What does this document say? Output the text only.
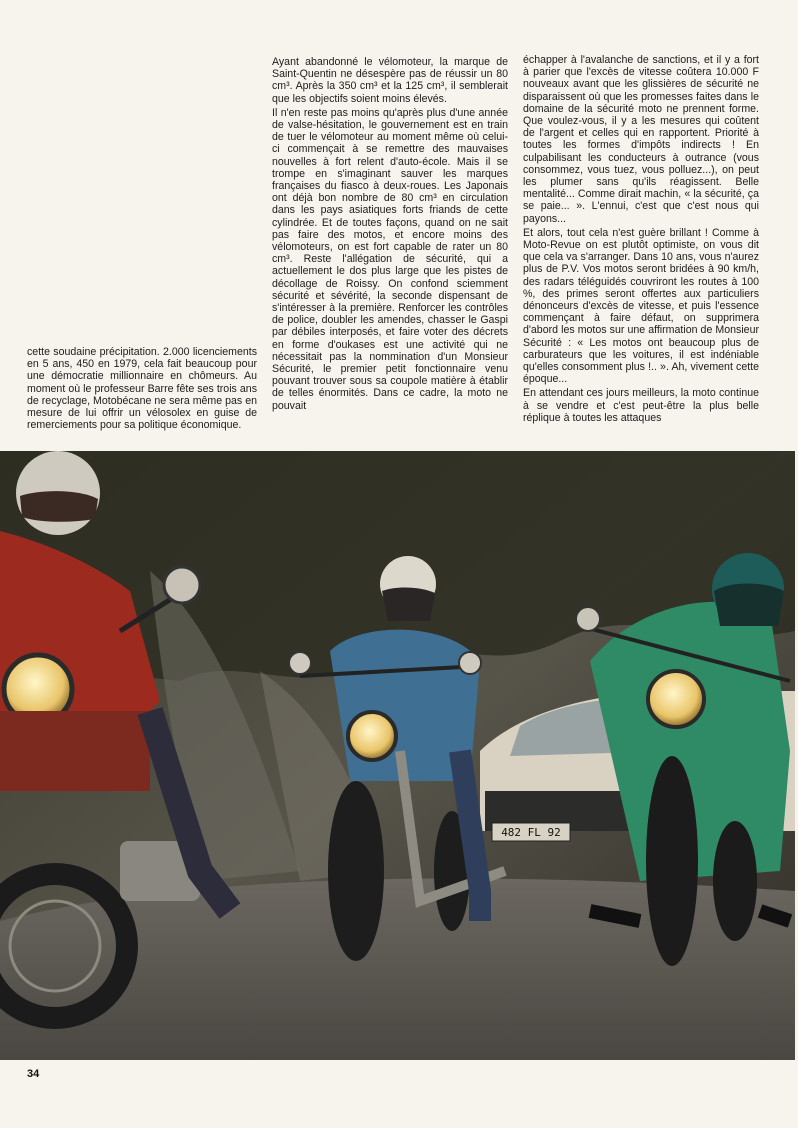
cette soudaine précipitation. 2.000 licenciements en 5 ans, 450 en 1979, cela fait beaucoup pour une démocratie millionnaire en chômeurs. Au moment où le professeur Barre fête ses trois ans de recyclage, Motobécane ne sera même pas en mesure de lui offrir un vélosolex en guise de remerciements pour sa politique économique.

Ayant abandonné le vélomoteur, la marque de Saint-Quentin ne désespère pas de réussir un 80 cm³. Après la 350 cm³ et la 125 cm³, il semblerait que les objectifs soient moins élevés.

Il n'en reste pas moins qu'après plus d'une année de valse-hésitation, le gouvernement est en train de tuer le vélomoteur au moment même où celui-ci commençait à se remettre des mauvaises nouvelles à fort relent d'auto-école. Mais il se trompe en s'imaginant sauver les marques françaises du fiasco à deux-roues. Les Japonais ont déjà bon nombre de 80 cm³ en circulation dans les pays asiatiques forts friands de cette cylindrée. Et de toutes façons, quand on ne sait pas faire des motos, et encore moins des vélomoteurs, on est fort capable de rater un 80 cm³. Reste l'allégation de sécurité, qui a actuellement le dos plus large que les pistes de décollage de Roissy. On confond sciemment sécurité et sévérité, la seconde dispensant de s'intéresser à la première. Renforcer les contrôles de police, doubler les amendes, chasser le Gaspi par débiles interposés, et faire voter des décrets en forme d'oukases est une activité qui ne nécessitait pas la nommination d'un Monsieur Sécurité, le premier petit fonctionnaire venu pouvant trouver sous sa coupole matière à établir de telles énormités. Dans ce cadre, la moto ne pouvait

échapper à l'avalanche de sanctions, et il y a fort à parier que l'excès de vitesse coûtera 10.000 F nouveaux avant que les glissières de sécurité ne disparaissent où que les promesses faites dans le domaine de la sécurité moto ne prennent forme. Que voulez-vous, il y a les mesures qui coûtent de l'argent et celles qui en rapportent. Priorité à toutes les formes d'impôts indirects ! En culpabilisant les conducteurs à outrance (vous consommez, vous tuez, vous polluez...), on peut les plumer sans qu'ils réagissent. Belle mentalité... Comme dirait machin, « la sécurité, ça se paie... ». L'ennui, c'est que c'est nous qui payons...

Et alors, tout cela n'est guère brillant ! Comme à Moto-Revue on est plutôt optimiste, on vous dit que cela va s'arranger. Dans 10 ans, vous n'aurez plus de P.V. Vos motos seront bridées à 90 km/h, des radars téléguidés couvriront les routes à 100 %, des primes seront offertes aux particuliers dénonceurs d'excès de vitesse, et puis l'essence commençant à faire défaut, on supprimera d'abord les motos sur une affirmation de Monsieur Sécurité : « Les motos ont beaucoup plus de carburateurs que les voitures, il est indéniable qu'elles consomment plus !.. ». Ah, vivement cette époque...

En attendant ces jours meilleurs, la moto continue à se vendre et c'est peut-être la plus belle réplique à toutes les attaques

482 FL 92
34
